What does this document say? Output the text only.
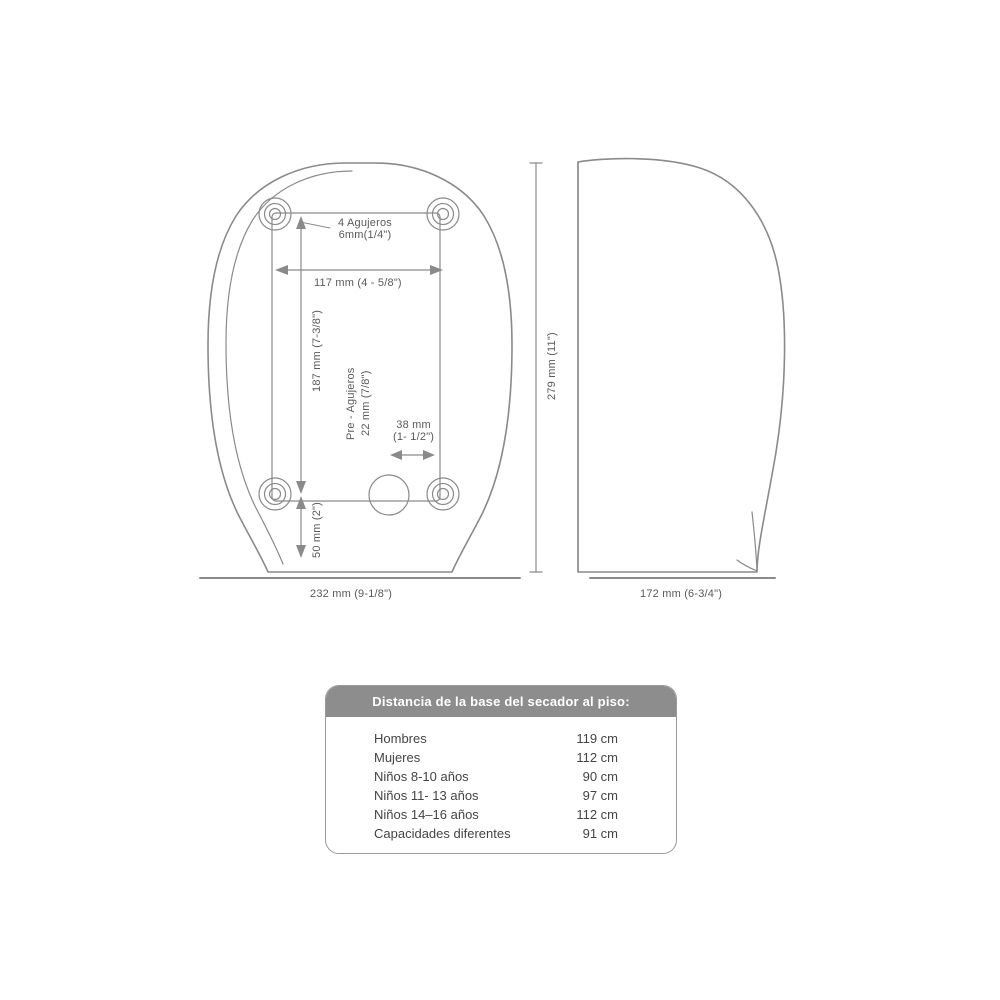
4 Agujeros
6mm(1/4")
117 mm (4 - 5/8")
187 mm (7-3/8")
Pre - Agujeros 22 mm (7/8") 38 mm
(1- 1/2")
50 mm (2")
232 mm (9-1/8")
279 mm (11")
172 mm (6-3/4")
Distancia de la base del secador al piso:
Hombres	119 cm
Mujeres	112 cm
Niños 8-10 años	90 cm
Niños 11- 13 años	97 cm
Niños 14–16 años	112 cm
Capacidades diferentes	91 cm
